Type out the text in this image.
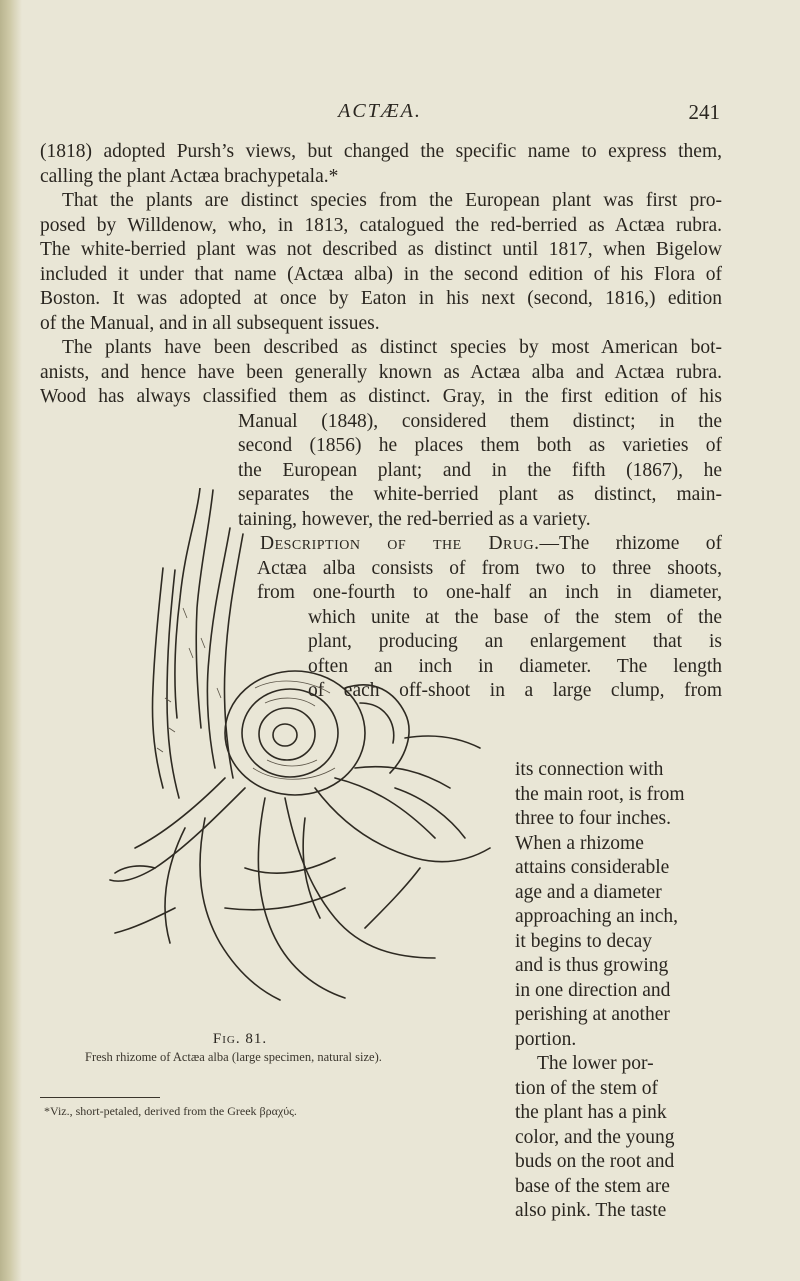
ACTÆA.	241

(1818) adopted Pursh’s views, but changed the specific name to express them,

calling the plant Actæa brachypetala.*

That the plants are distinct species from the European plant was first pro-

posed by Willdenow, who, in 1813, catalogued the red-berried as Actæa rubra.

The white-berried plant was not described as distinct until 1817, when Bigelow

included it under that name (Actæa alba) in the second edition of his Flora of

Boston. It was adopted at once by Eaton in his next (second, 1816,) edition

of the Manual, and in all subsequent issues.

The plants have been described as distinct species by most American bot-

anists, and hence have been generally known as Actæa alba and Actæa rubra.

Wood has always classified them as distinct. Gray, in the first edition of his

Manual (1848), considered them distinct; in the

second (1856) he places them both as varieties of

the European plant; and in the fifth (1867), he

separates the white-berried plant as distinct, main-

taining, however, the red-berried as a variety.

Description of the Drug.—The rhizome of

Actæa alba consists of from two to three shoots,

from one-fourth to one-half an inch in diameter,

which unite at the base of the stem of the

plant, producing an enlargement that is

often an inch in diameter. The length

of each off-shoot in a large clump, from

its connection with

the main root, is from

three to four inches.

When a rhizome

attains considerable

age and a diameter

approaching an inch,

it begins to decay

and is thus growing

in one direction and

perishing at another

portion.

The lower por-

tion of the stem of

the plant has a pink

color, and the young

buds on the root and

base of the stem are

also pink. The taste

Fig. 81.
Fresh rhizome of Actæa alba (large specimen, natural size).
*Viz., short-petaled, derived from the Greek βραχύς.
